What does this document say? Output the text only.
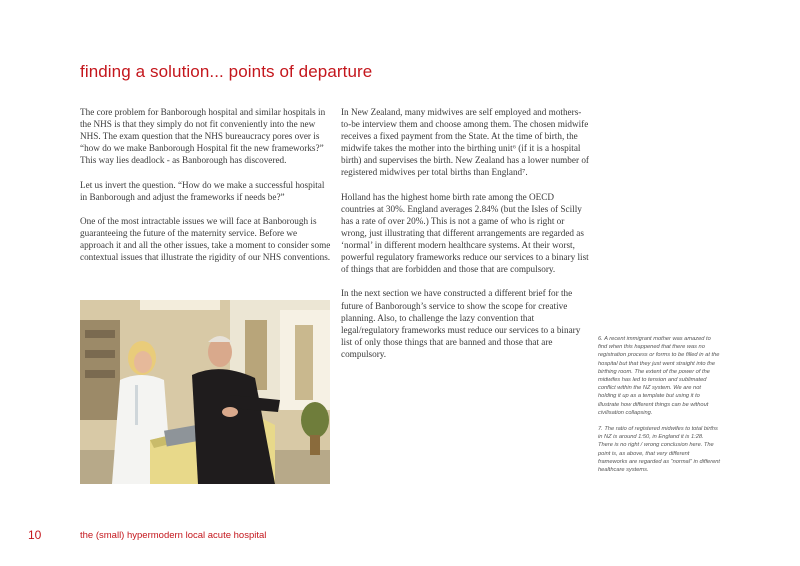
finding a solution... points of departure

The core problem for Banborough hospital and similar hospitals in the NHS is that they simply do not fit conveniently into the new NHS. The exam question that the NHS bureaucracy pores over is “how do we make Banborough Hospital fit the new frameworks?” This way lies deadlock - as Banborough has discovered.

Let us invert the question. “How do we make a successful hospital in Banborough and adjust the frameworks if needs be?”

One of the most intractable issues we will face at Banborough is guaranteeing the future of the maternity service. Before we approach it and all the other issues, take a moment to consider some contextual issues that illustrate the rigidity of our NHS conventions.

In New Zealand, many midwives are self employed and mothers-to-be interview them and choose among them. The chosen midwife receives a fixed payment from the State. At the time of birth, the midwife takes the mother into the birthing unit⁶ (if it is a hospital birth) and supervises the birth. New Zealand has a lower number of registered midwives per total births than England⁷.

Holland has the highest home birth rate among the OECD countries at 30%. England averages 2.84% (but the Isles of Scilly has a rate of over 20%.) This is not a game of who is right or wrong, just illustrating that different arrangements are regarded as ‘normal’ in different modern healthcare systems. At their worst, powerful regulatory frameworks reduce our services to a binary list of things that are forbidden and those that are compulsory.

In the next section we have constructed a different brief for the future of Banborough’s service to show the scope for creative planning. Also, to challenge the lazy convention that legal/regulatory frameworks must reduce our services to a binary list of only those things that are banned and those that are compulsory.

6. A recent immigrant mother was amazed to find when this happened that there was no registration process or forms to be filled in at the hospital but that they just went straight into the birthing room. The extent of the power of the midwifes has led to tension and sublimated conflict within the NZ system. We are not holding it up as a template but using it to illustrate how different things can be without civilisation collapsing.

7. The ratio of registered midwifes to total births in NZ is around 1:50, in England it is 1:28. There is no right / wrong conclusion here. The point is, as above, that very different frameworks are regarded as “normal” in different healthcare systems.

10	the (small) hypermodern local acute hospital
